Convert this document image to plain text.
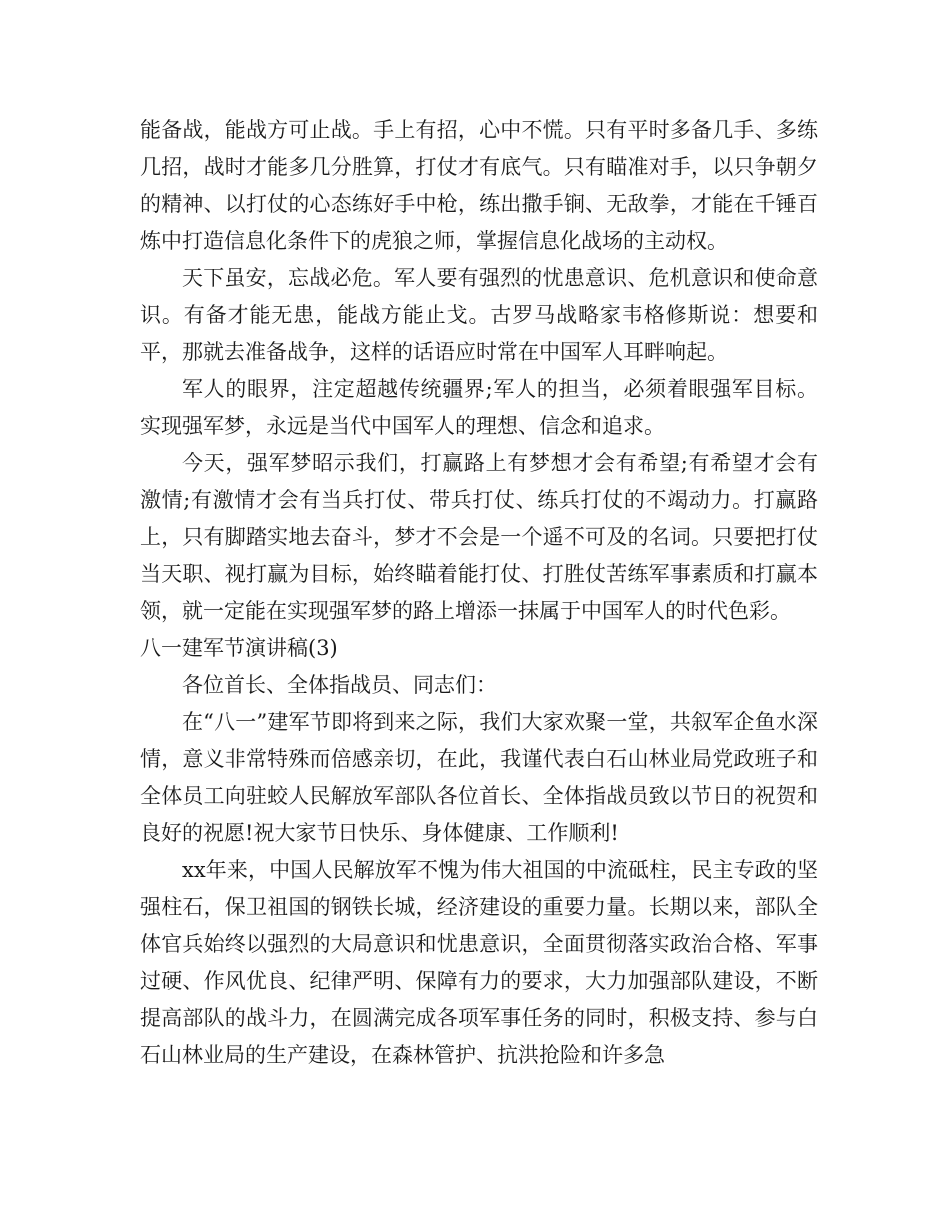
能备战，能战方可止战。手上有招，心中不慌。只有平时多备几手、多练几招，战时才能多几分胜算，打仗才有底气。只有瞄准对手，以只争朝夕的精神、以打仗的心态练好手中枪，练出撒手锏、无敌拳，才能在千锤百炼中打造信息化条件下的虎狼之师，掌握信息化战场的主动权。

天下虽安，忘战必危。军人要有强烈的忧患意识、危机意识和使命意识。有备才能无患，能战方能止戈。古罗马战略家韦格修斯说：想要和平，那就去准备战争，这样的话语应时常在中国军人耳畔响起。

军人的眼界，注定超越传统疆界;军人的担当，必须着眼强军目标。实现强军梦，永远是当代中国军人的理想、信念和追求。

今天，强军梦昭示我们，打赢路上有梦想才会有希望;有希望才会有激情;有激情才会有当兵打仗、带兵打仗、练兵打仗的不竭动力。打赢路上，只有脚踏实地去奋斗，梦才不会是一个遥不可及的名词。只要把打仗当天职、视打赢为目标，始终瞄着能打仗、打胜仗苦练军事素质和打赢本领，就一定能在实现强军梦的路上增添一抹属于中国军人的时代色彩。

八一建军节演讲稿(3)

各位首长、全体指战员、同志们：

在“八一”建军节即将到来之际，我们大家欢聚一堂，共叙军企鱼水深情，意义非常特殊而倍感亲切，在此，我谨代表白石山林业局党政班子和全体员工向驻蛟人民解放军部队各位首长、全体指战员致以节日的祝贺和良好的祝愿!祝大家节日快乐、身体健康、工作顺利!

xx年来，中国人民解放军不愧为伟大祖国的中流砥柱，民主专政的坚强柱石，保卫祖国的钢铁长城，经济建设的重要力量。长期以来，部队全体官兵始终以强烈的大局意识和忧患意识，全面贯彻落实政治合格、军事过硬、作风优良、纪律严明、保障有力的要求，大力加强部队建设，不断提高部队的战斗力，在圆满完成各项军事任务的同时，积极支持、参与白石山林业局的生产建设，在森林管护、抗洪抢险和许多急
